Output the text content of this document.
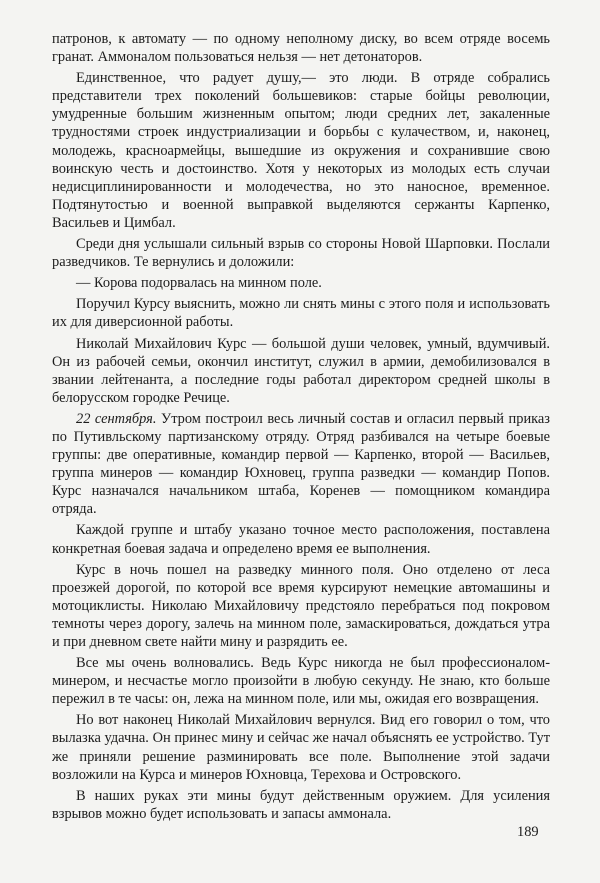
патронов, к автомату — по одному неполному диску, во всем отряде восемь гранат. Аммоналом пользоваться нельзя — нет детонаторов.

Единственное, что радует душу,— это люди. В отряде собрались представители трех поколений большевиков: старые бойцы революции, умудренные большим жизненным опытом; люди средних лет, закаленные трудностями строек индустриализации и борьбы с кулачеством, и, наконец, молодежь, красноармейцы, вышедшие из окружения и сохранившие свою воинскую честь и достоинство. Хотя у некоторых из молодых есть случаи недисциплинированности и молодечества, но это наносное, временное. Подтянутостью и военной выправкой выделяются сержанты Карпенко, Васильев и Цимбал.

Среди дня услышали сильный взрыв со стороны Новой Шарповки. Послали разведчиков. Те вернулись и доложили:

— Корова подорвалась на минном поле.

Поручил Курсу выяснить, можно ли снять мины с этого поля и использовать их для диверсионной работы.

Николай Михайлович Курс — большой души человек, умный, вдумчивый. Он из рабочей семьи, окончил институт, служил в армии, демобилизовался в звании лейтенанта, а последние годы работал директором средней школы в белорусском городке Речице.

22 сентября. Утром построил весь личный состав и огласил первый приказ по Путивльскому партизанскому отряду. Отряд разбивался на четыре боевые группы: две оперативные, командир первой — Карпенко, второй — Васильев, группа минеров — командир Юхновец, группа разведки — командир Попов. Курс назначался начальником штаба, Коренев — помощником командира отряда.

Каждой группе и штабу указано точное место расположения, поставлена конкретная боевая задача и определено время ее выполнения.

Курс в ночь пошел на разведку минного поля. Оно отделено от леса проезжей дорогой, по которой все время курсируют немецкие автомашины и мотоциклисты. Николаю Михайловичу предстояло перебраться под покровом темноты через дорогу, залечь на минном поле, замаскироваться, дождаться утра и при дневном свете найти мину и разрядить ее.

Все мы очень волновались. Ведь Курс никогда не был профессионалом-минером, и несчастье могло произойти в любую секунду. Не знаю, кто больше пережил в те часы: он, лежа на минном поле, или мы, ожидая его возвращения.

Но вот наконец Николай Михайлович вернулся. Вид его говорил о том, что вылазка удачна. Он принес мину и сейчас же начал объяснять ее устройство. Тут же приняли решение разминировать все поле. Выполнение этой задачи возложили на Курса и минеров Юхновца, Терехова и Островского.

В наших руках эти мины будут действенным оружием. Для усиления взрывов можно будет использовать и запасы аммонала.

189
